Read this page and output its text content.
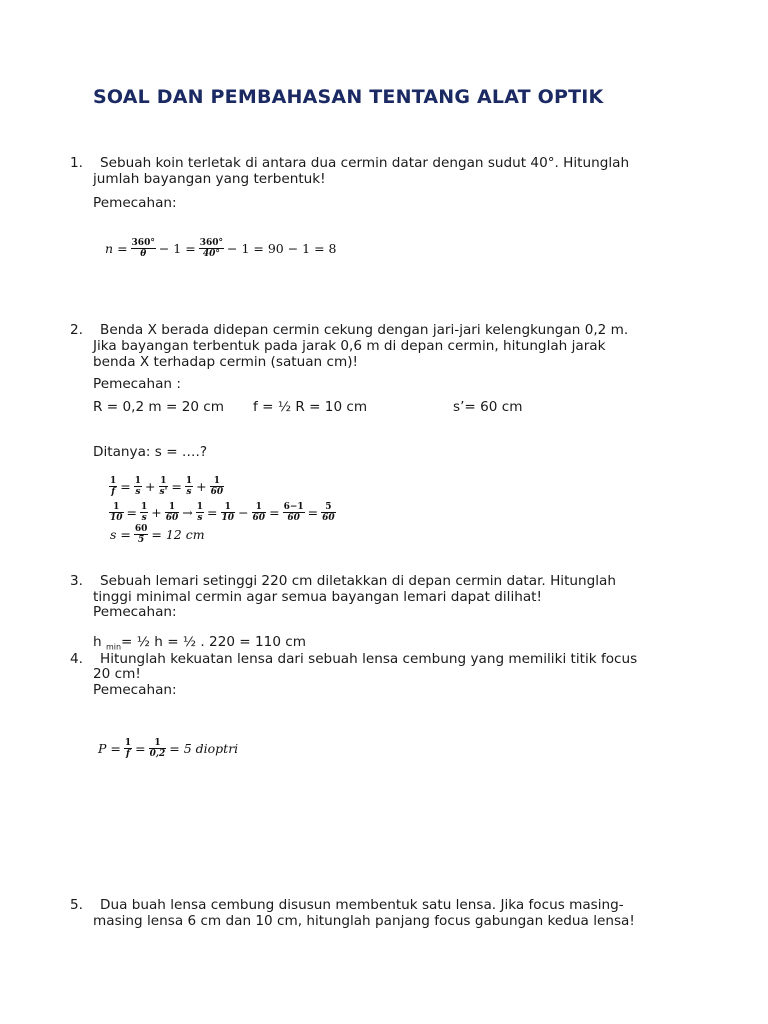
SOAL DAN PEMBAHASAN TENTANG ALAT OPTIK
1. Sebuah koin terletak di antara dua cermin datar dengan sudut 40°. Hitunglah
jumlah bayangan yang terbentuk!
Pemecahan:
$n = \frac{360^\circ}{\theta} - 1 = \frac{360^\circ}{40^\circ} - 1 = 90 - 1 = 8$
2. Benda X berada didepan cermin cekung dengan jari-jari kelengkungan 0,2 m.
Jika bayangan terbentuk pada jarak 0,6 m di depan cermin, hitunglah jarak
benda X terhadap cermin (satuan cm)!
Pemecahan :
R = 0,2 m = 20 cm f = ½ R = 10 cm	s’= 60 cm
Ditanya: s = ….?
$\frac{1}{f} = \frac{1}{s} + \frac{1}{s'} = \frac{1}{s} + \frac{1}{60}$
$\frac{1}{10} = \frac{1}{s} + \frac{1}{60} \to \frac{1}{s} = \frac{1}{10} - \frac{1}{60} = \frac{6-1}{60} = \frac{5}{60}$
$s = \frac{60}{5} = 12$ cm
3. Sebuah lemari setinggi 220 cm diletakkan di depan cermin datar. Hitunglah
tinggi minimal cermin agar semua bayangan lemari dapat dilihat!
Pemecahan:
h $_{min}$= ½ h = ½ . 220 = 110 cm
4. Hitunglah kekuatan lensa dari sebuah lensa cembung yang memiliki titik focus
20 cm!
Pemecahan:
$P = \frac{1}{f} = \frac{1}{0,2} = 5$ dioptri
5. Dua buah lensa cembung disusun membentuk satu lensa. Jika focus masing-
masing lensa 6 cm dan 10 cm, hitunglah panjang focus gabungan kedua lensa!
